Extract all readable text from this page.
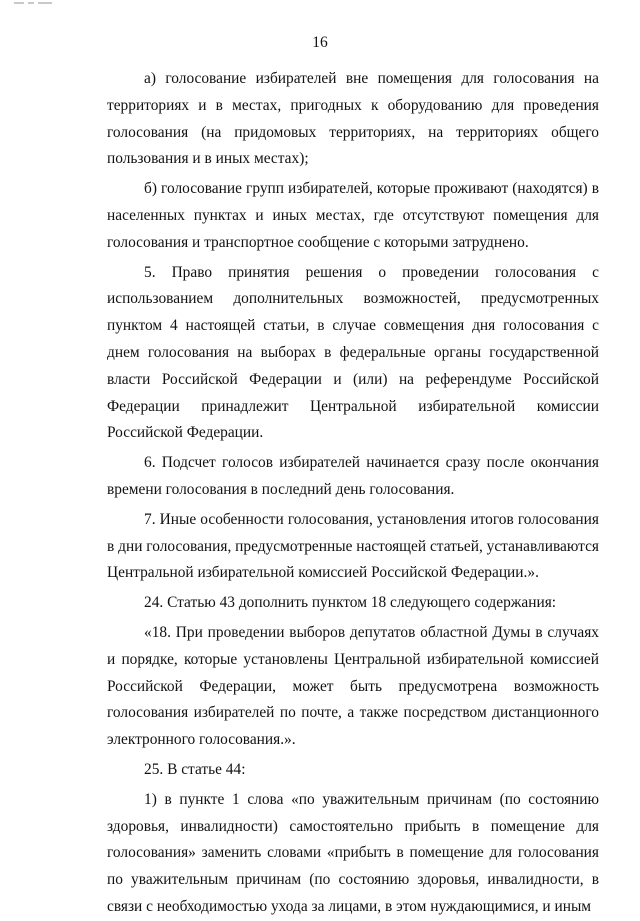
16

а) голосование избирателей вне помещения для голосования на территориях и в местах, пригодных к оборудованию для проведения голосования (на придомовых территориях, на территориях общего пользования и в иных местах);

б) голосование групп избирателей, которые проживают (находятся) в населенных пунктах и иных местах, где отсутствуют помещения для голосования и транспортное сообщение с которыми затруднено.

5. Право принятия решения о проведении голосования с использованием дополнительных возможностей, предусмотренных пунктом 4 настоящей статьи, в случае совмещения дня голосования с днем голосования на выборах в федеральные органы государственной власти Российской Федерации и (или) на референдуме Российской Федерации принадлежит Центральной избирательной комиссии Российской Федерации.

6. Подсчет голосов избирателей начинается сразу после окончания времени голосования в последний день голосования.

7. Иные особенности голосования, установления итогов голосования в дни голосования, предусмотренные настоящей статьей, устанавливаются Центральной избирательной комиссией Российской Федерации.».

24. Статью 43 дополнить пунктом 18 следующего содержания:

«18. При проведении выборов депутатов областной Думы в случаях и порядке, которые установлены Центральной избирательной комиссией Российской Федерации, может быть предусмотрена возможность голосования избирателей по почте, а также посредством дистанционного электронного голосования.».

25. В статье 44:

1) в пункте 1 слова «по уважительным причинам (по состоянию здоровья, инвалидности) самостоятельно прибыть в помещение для голосования» заменить словами «прибыть в помещение для голосования по уважительным причинам (по состоянию здоровья, инвалидности, в связи с необходимостью ухода за лицами, в этом нуждающимися, и иным
